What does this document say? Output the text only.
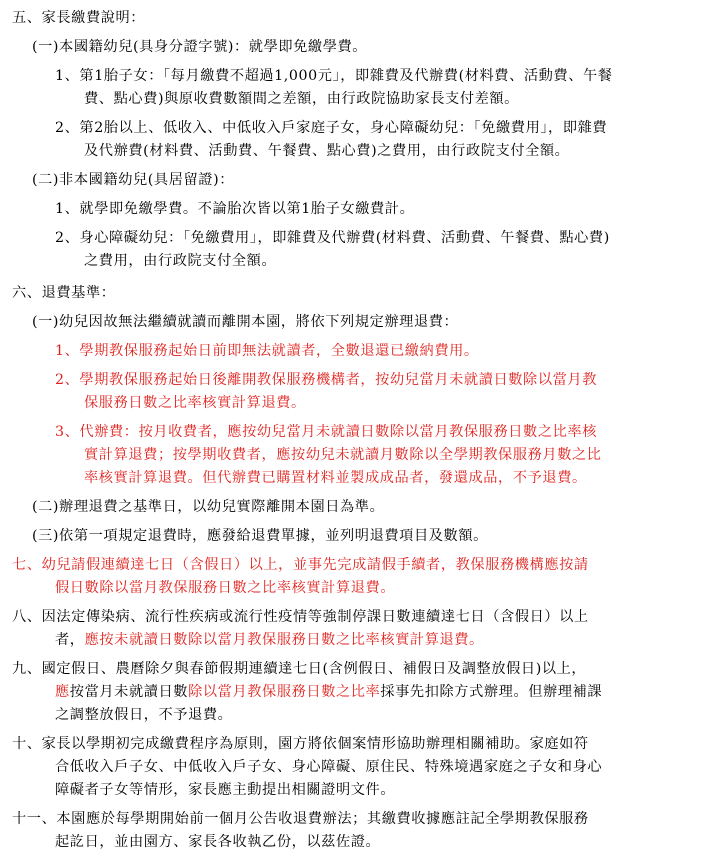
五、家長繳費說明：
(一)本國籍幼兒(具身分證字號)：就學即免繳學費。
1、第1胎子女：「每月繳費不超過1,000元」，即雜費及代辦費(材料費、活動費、午餐
費、點心費)與原收費數額間之差額，由行政院協助家長支付差額。
2、第2胎以上、低收入、中低收入戶家庭子女，身心障礙幼兒：「免繳費用」，即雜費
及代辦費(材料費、活動費、午餐費、點心費)之費用，由行政院支付全額。
(二)非本國籍幼兒(具居留證)：
1、就學即免繳學費。不論胎次皆以第1胎子女繳費計。
2、身心障礙幼兒：「免繳費用」，即雜費及代辦費(材料費、活動費、午餐費、點心費)
之費用，由行政院支付全額。
六、退費基準：
(一)幼兒因故無法繼續就讀而離開本園，將依下列規定辦理退費：
1、學期教保服務起始日前即無法就讀者，全數退還已繳納費用。
2、學期教保服務起始日後離開教保服務機構者，按幼兒當月未就讀日數除以當月教
保服務日數之比率核實計算退費。
3、代辦費：按月收費者，應按幼兒當月未就讀日數除以當月教保服務日數之比率核
實計算退費；按學期收費者，應按幼兒未就讀月數除以全學期教保服務月數之比
率核實計算退費。但代辦費已購置材料並製成成品者，發還成品，不予退費。
(二)辦理退費之基準日，以幼兒實際離開本園日為準。
(三)依第一項規定退費時，應發給退費單據，並列明退費項目及數額。
七、幼兒請假連續達七日（含假日）以上，並事先完成請假手續者，教保服務機構應按請
假日數除以當月教保服務日數之比率核實計算退費。
八、因法定傳染病、流行性疾病或流行性疫情等強制停課日數連續達七日（含假日）以上
者，應按未就讀日數除以當月教保服務日數之比率核實計算退費。
九、國定假日、農曆除夕與春節假期連續達七日(含例假日、補假日及調整放假日)以上，
應按當月未就讀日數除以當月教保服務日數之比率採事先扣除方式辦理。但辦理補課
之調整放假日，不予退費。
十、家長以學期初完成繳費程序為原則，園方將依個案情形協助辦理相關補助。家庭如符
合低收入戶子女、中低收入戶子女、身心障礙、原住民、特殊境遇家庭之子女和身心
障礙者子女等情形，家長應主動提出相關證明文件。
十一、本園應於每學期開始前一個月公告收退費辦法；其繳費收據應註記全學期教保服務
起訖日，並由園方、家長各收執乙份，以茲佐證。
